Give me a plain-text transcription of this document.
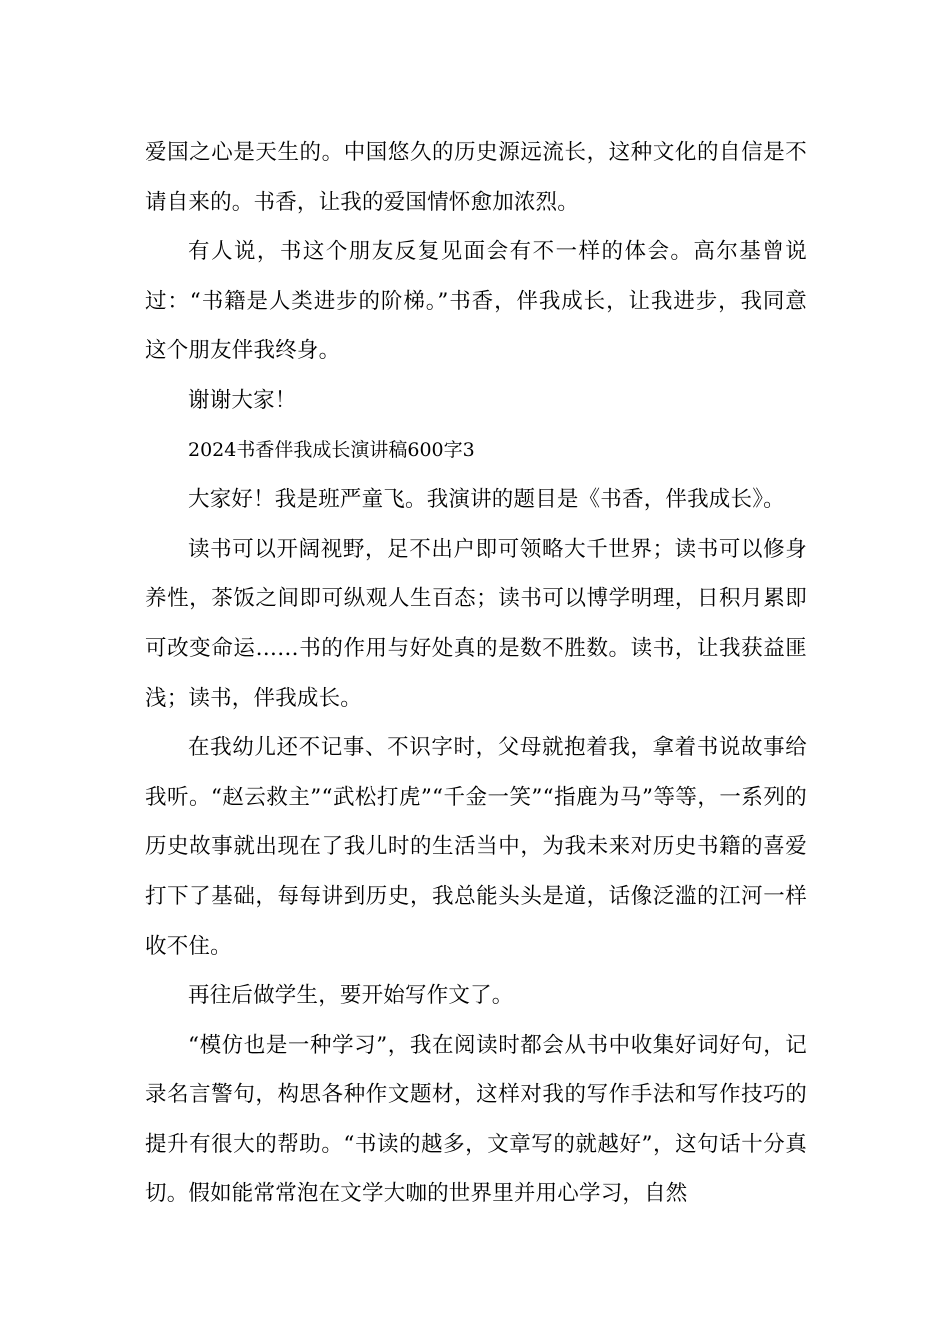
爱国之心是天生的。中国悠久的历史源远流长，这种文化的自信是不请自来的。书香，让我的爱国情怀愈加浓烈。

有人说，书这个朋友反复见面会有不一样的体会。高尔基曾说过：“书籍是人类进步的阶梯。”书香，伴我成长，让我进步，我同意这个朋友伴我终身。

谢谢大家！

2024书香伴我成长演讲稿600字3

大家好！我是班严童飞。我演讲的题目是《书香，伴我成长》。

读书可以开阔视野，足不出户即可领略大千世界；读书可以修身养性，茶饭之间即可纵观人生百态；读书可以博学明理，日积月累即可改变命运……书的作用与好处真的是数不胜数。读书，让我获益匪浅；读书，伴我成长。

在我幼儿还不记事、不识字时，父母就抱着我，拿着书说故事给我听。“赵云救主”“武松打虎”“千金一笑”“指鹿为马”等等，一系列的历史故事就出现在了我儿时的生活当中，为我未来对历史书籍的喜爱打下了基础，每每讲到历史，我总能头头是道，话像泛滥的江河一样收不住。

再往后做学生，要开始写作文了。

“模仿也是一种学习”，我在阅读时都会从书中收集好词好句，记录名言警句，构思各种作文题材，这样对我的写作手法和写作技巧的提升有很大的帮助。“书读的越多，文章写的就越好”，这句话十分真切。假如能常常泡在文学大咖的世界里并用心学习，自然
